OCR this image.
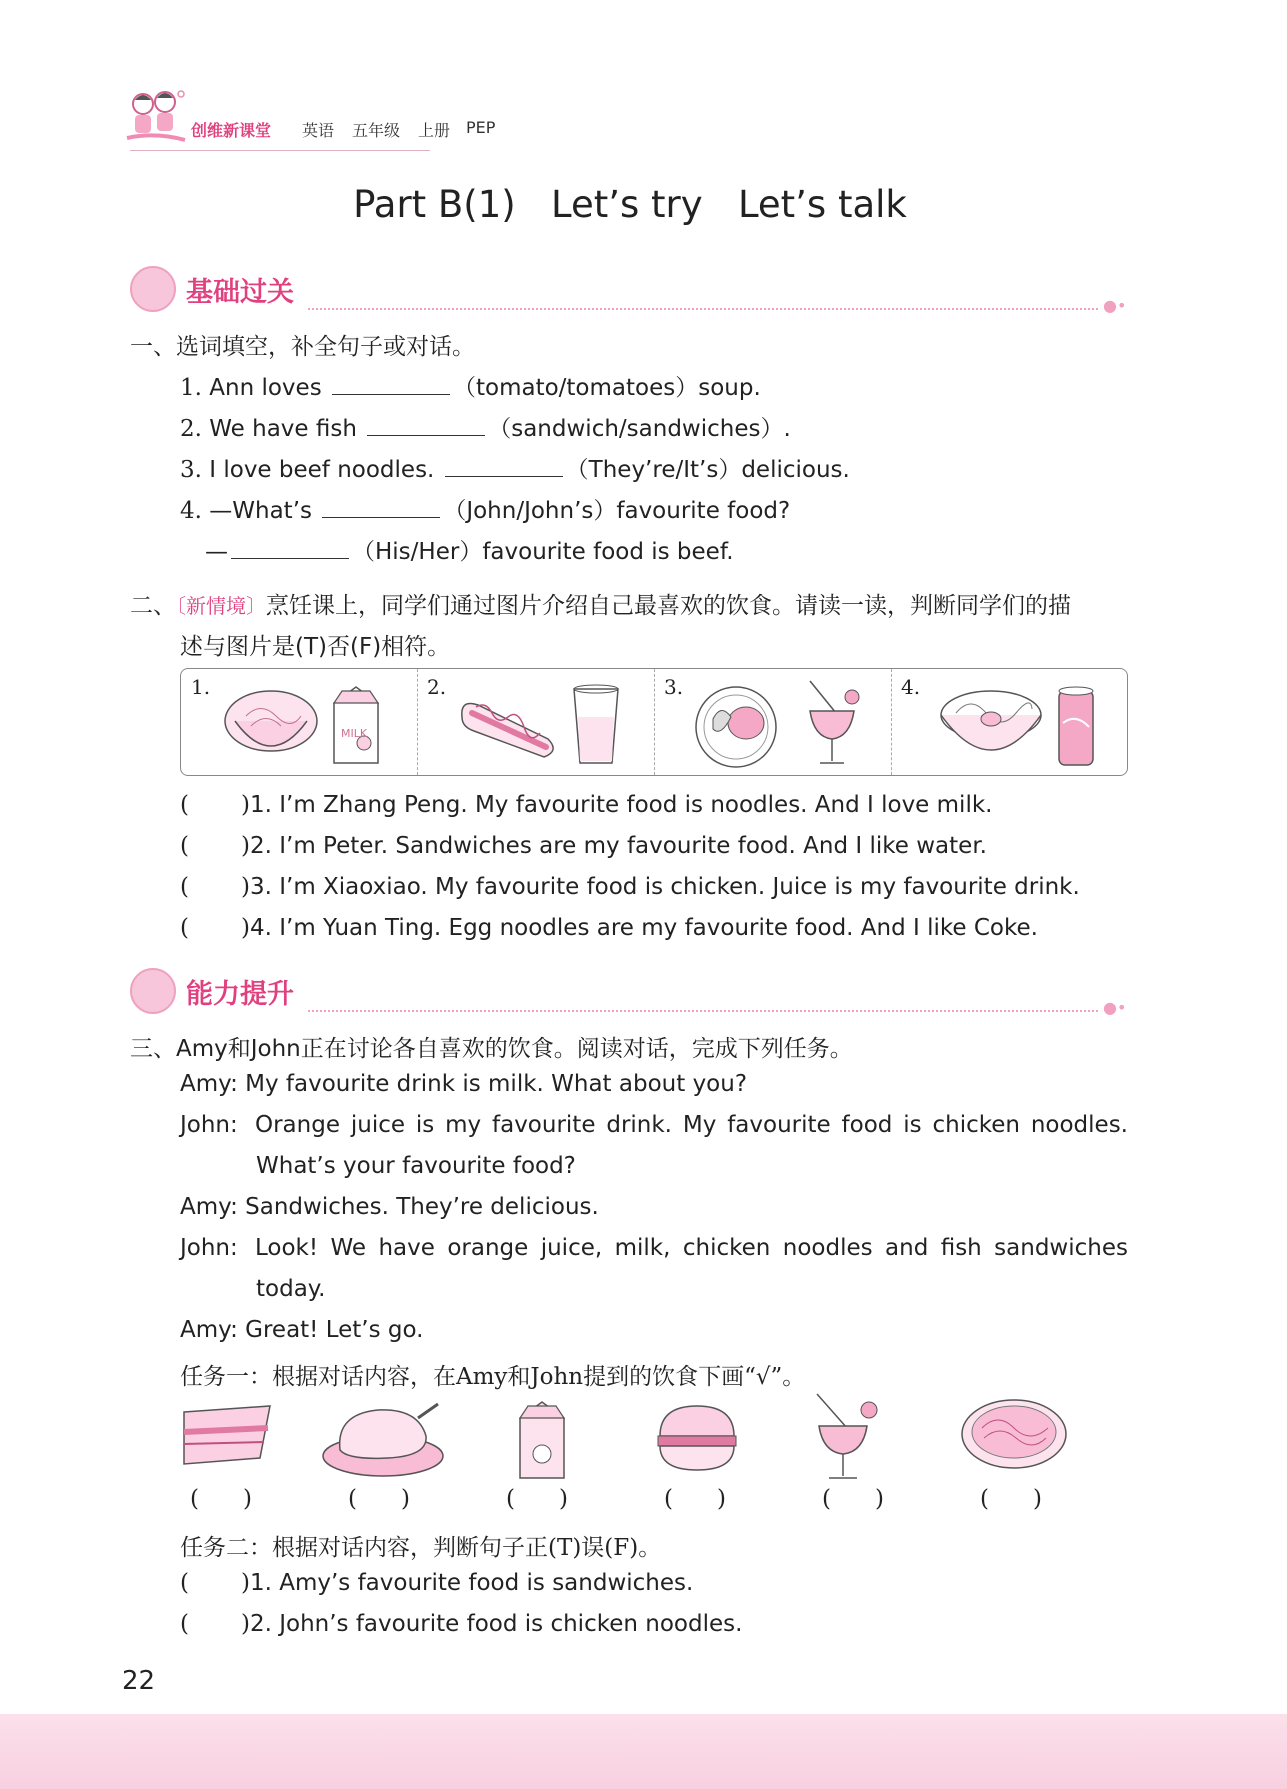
创维新课堂 英语 五年级 上册 PEP
Part B(1)   Let’s try   Let’s talk
基础过关	●•
一、选词填空，补全句子或对话。
1. Ann loves	（tomato/tomatoes）soup.
2. We have fish	（sandwich/sandwiches）.
3. I love beef noodles.	（They’re/It’s）delicious.
4. —What’s	（John/John’s）favourite food?
—	（His/Her）favourite food is beef.
二、〔新情境〕烹饪课上，同学们通过图片介绍自己最喜欢的饮食。请读一读，判断同学们的描
述与图片是(T)否(F)相符。
1.
MILK
2.	3.	4.
( )1. I’m Zhang Peng. My favourite food is noodles. And I love milk.
( )2. I’m Peter. Sandwiches are my favourite food. And I like water.
( )3. I’m Xiaoxiao. My favourite food is chicken. Juice is my favourite drink.
( )4. I’m Yuan Ting. Egg noodles are my favourite food. And I like Coke.
能力提升	●•
三、Amy和John正在讨论各自喜欢的饮食。阅读对话，完成下列任务。
Amy: My favourite drink is milk. What about you?
John: Orange juice is my favourite drink. My favourite food is chicken noodles.
What’s your favourite food?
Amy: Sandwiches. They’re delicious.
John: Look! We have orange juice, milk, chicken noodles and fish sandwiches
today.
Amy: Great! Let’s go.
任务一：根据对话内容，在Amy和John提到的饮食下画“√”。
( )	( )	( )	( )	( )	( )
任务二：根据对话内容，判断句子正(T)误(F)。
( )1. Amy’s favourite food is sandwiches.
( )2. John’s favourite food is chicken noodles.
22
